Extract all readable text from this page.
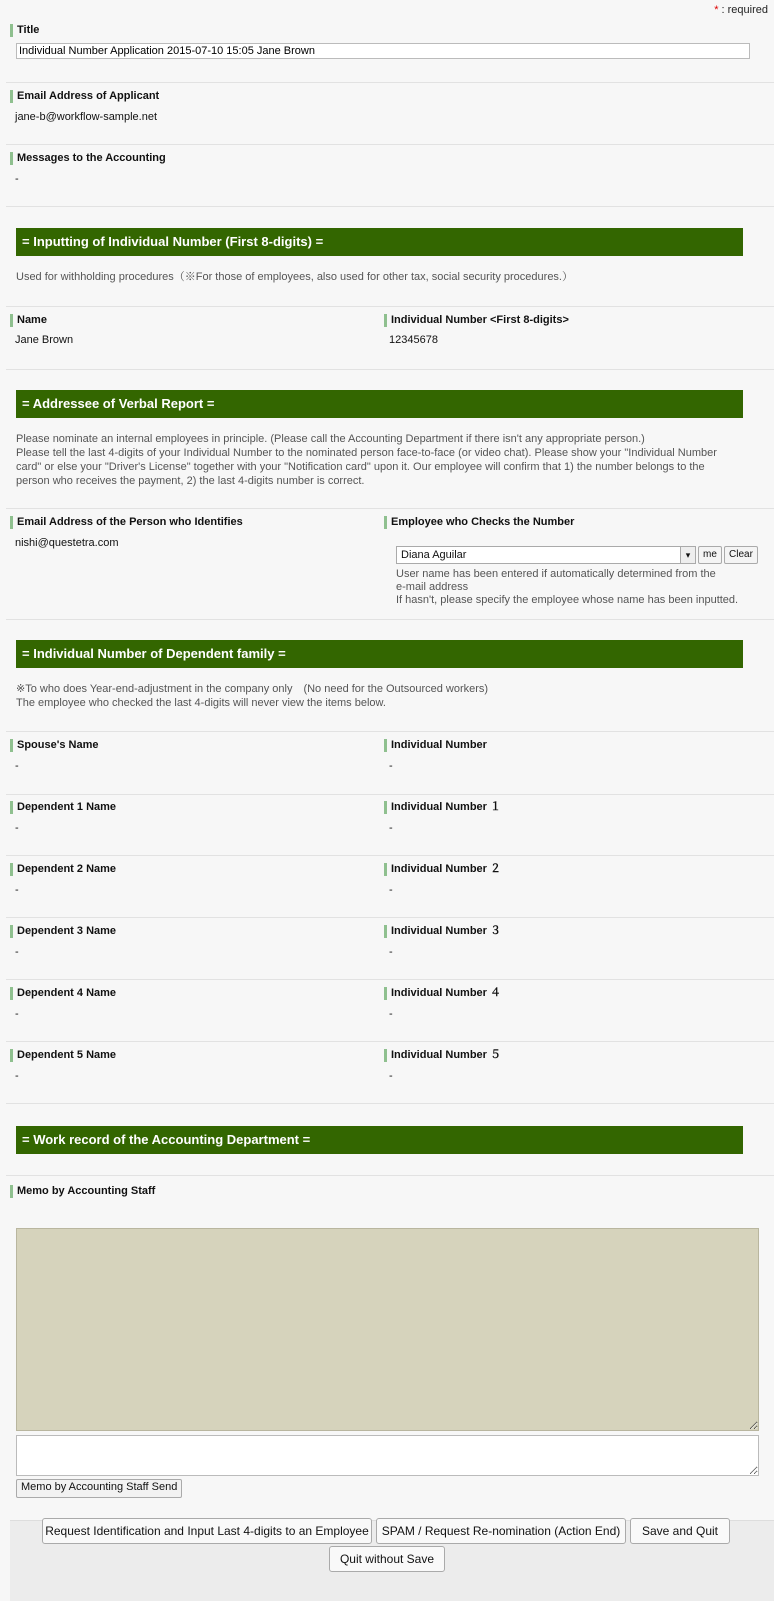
* : required
Title
Individual Number Application 2015-07-10 15:05 Jane Brown
Email Address of Applicant
jane-b@workflow-sample.net
Messages to the Accounting
-
= Inputting of Individual Number (First 8-digits) =
Used for withholding procedures（※For those of employees, also used for other tax, social security procedures.）
Name
Jane Brown
Individual Number <First 8-digits>
12345678
= Addressee of Verbal Report =
Please nominate an internal employees in principle. (Please call the Accounting Department if there isn't any appropriate person.)
Please tell the last 4-digits of your Individual Number to the nominated person face-to-face (or video chat). Please show your "Individual Number
card" or else your "Driver's License" together with your "Notification card" upon it. Our employee will confirm that 1) the number belongs to the
person who receives the payment, 2) the last 4-digits number is correct.
Email Address of the Person who Identifies
nishi@questetra.com
Employee who Checks the Number
Diana Aguilar	▾	me	Clear
User name has been entered if automatically determined from the
e-mail address
If hasn't, please specify the employee whose name has been inputted.
= Individual Number of Dependent family =
※To who does Year-end-adjustment in the company only　(No need for the Outsourced workers)
The employee who checked the last 4-digits will never view the items below.
Spouse's Name
-
Individual Number
-
Dependent 1 Name
-
Individual Number １
-
Dependent 2 Name
-
Individual Number ２
-
Dependent 3 Name
-
Individual Number ３
-
Dependent 4 Name
-
Individual Number ４
-
Dependent 5 Name
-
Individual Number ５
-
= Work record of the Accounting Department =
Memo by Accounting Staff
Memo by Accounting Staff Send
Request Identification and Input Last 4-digits to an Employee	SPAM / Request Re-nomination (Action End)	Save and Quit
Quit without Save
